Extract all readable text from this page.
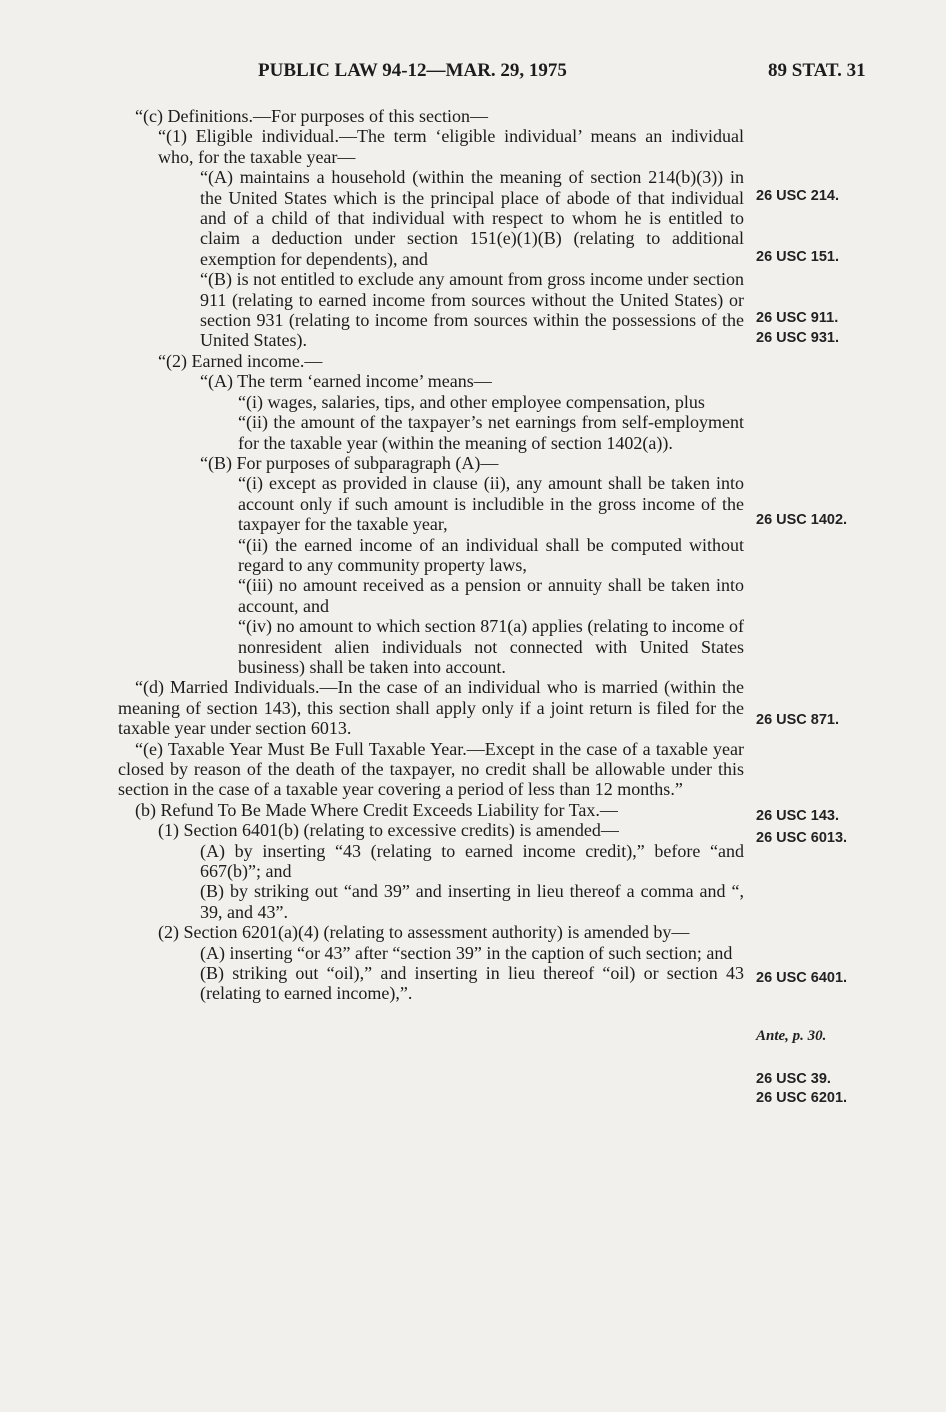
PUBLIC LAW 94-12—MAR. 29, 1975	89 STAT. 31

“(c) Definitions.—For purposes of this section—

“(1) Eligible individual.—The term ‘eligible individual’ means an individual who, for the taxable year—

“(A) maintains a household (within the meaning of section 214(b)(3)) in the United States which is the principal place of abode of that individual and of a child of that individual with respect to whom he is entitled to claim a deduction under section 151(e)(1)(B) (relating to additional exemption for dependents), and

“(B) is not entitled to exclude any amount from gross income under section 911 (relating to earned income from sources without the United States) or section 931 (relating to income from sources within the possessions of the United States).

“(2) Earned income.—

“(A) The term ‘earned income’ means—

“(i) wages, salaries, tips, and other employee compensation, plus

“(ii) the amount of the taxpayer’s net earnings from self-employment for the taxable year (within the meaning of section 1402(a)).

“(B) For purposes of subparagraph (A)—

“(i) except as provided in clause (ii), any amount shall be taken into account only if such amount is includible in the gross income of the taxpayer for the taxable year,

“(ii) the earned income of an individual shall be computed without regard to any community property laws,

“(iii) no amount received as a pension or annuity shall be taken into account, and

“(iv) no amount to which section 871(a) applies (relating to income of nonresident alien individuals not connected with United States business) shall be taken into account.

“(d) Married Individuals.—In the case of an individual who is married (within the meaning of section 143), this section shall apply only if a joint return is filed for the taxable year under section 6013.

“(e) Taxable Year Must Be Full Taxable Year.—Except in the case of a taxable year closed by reason of the death of the taxpayer, no credit shall be allowable under this section in the case of a taxable year covering a period of less than 12 months.”

(b) Refund To Be Made Where Credit Exceeds Liability for Tax.—

(1) Section 6401(b) (relating to excessive credits) is amended—

(A) by inserting “43 (relating to earned income credit),” before “and 667(b)”; and

(B) by striking out “and 39” and inserting in lieu thereof a comma and “, 39, and 43”.

(2) Section 6201(a)(4) (relating to assessment authority) is amended by—

(A) inserting “or 43” after “section 39” in the caption of such section; and

(B) striking out “oil),” and inserting in lieu thereof “oil) or section 43 (relating to earned income),”.

26 USC 214.
26 USC 151.
26 USC 911.
26 USC 931.
26 USC 1402.
26 USC 871.
26 USC 143.
26 USC 6013.
26 USC 6401.
Ante, p. 30.
26 USC 39.
26 USC 6201.
